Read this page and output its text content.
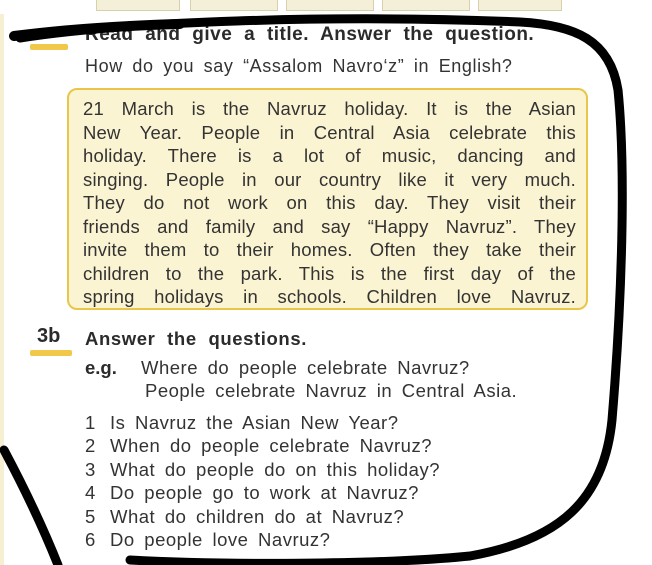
Read and give a title. Answer the question.
How do you say “Assalom Navro‘z” in English?
21 March is the Navruz holiday. It is the Asian
New Year. People in Central Asia celebrate this
holiday. There is a lot of music, dancing and
singing. People in our country like it very much.
They do not work on this day. They visit their
friends and family and say “Happy Navruz”. They
invite them to their homes. Often they take their
children to the park. This is the first day of the
spring holidays in schools. Children love Navruz.
3b Answer the questions.
e.g. Where do people celebrate Navruz?
People celebrate Navruz in Central Asia.
1 Is Navruz the Asian New Year?
2 When do people celebrate Navruz?
3 What do people do on this holiday?
4 Do people go to work at Navruz?
5 What do children do at Navruz?
6 Do people love Navruz?
